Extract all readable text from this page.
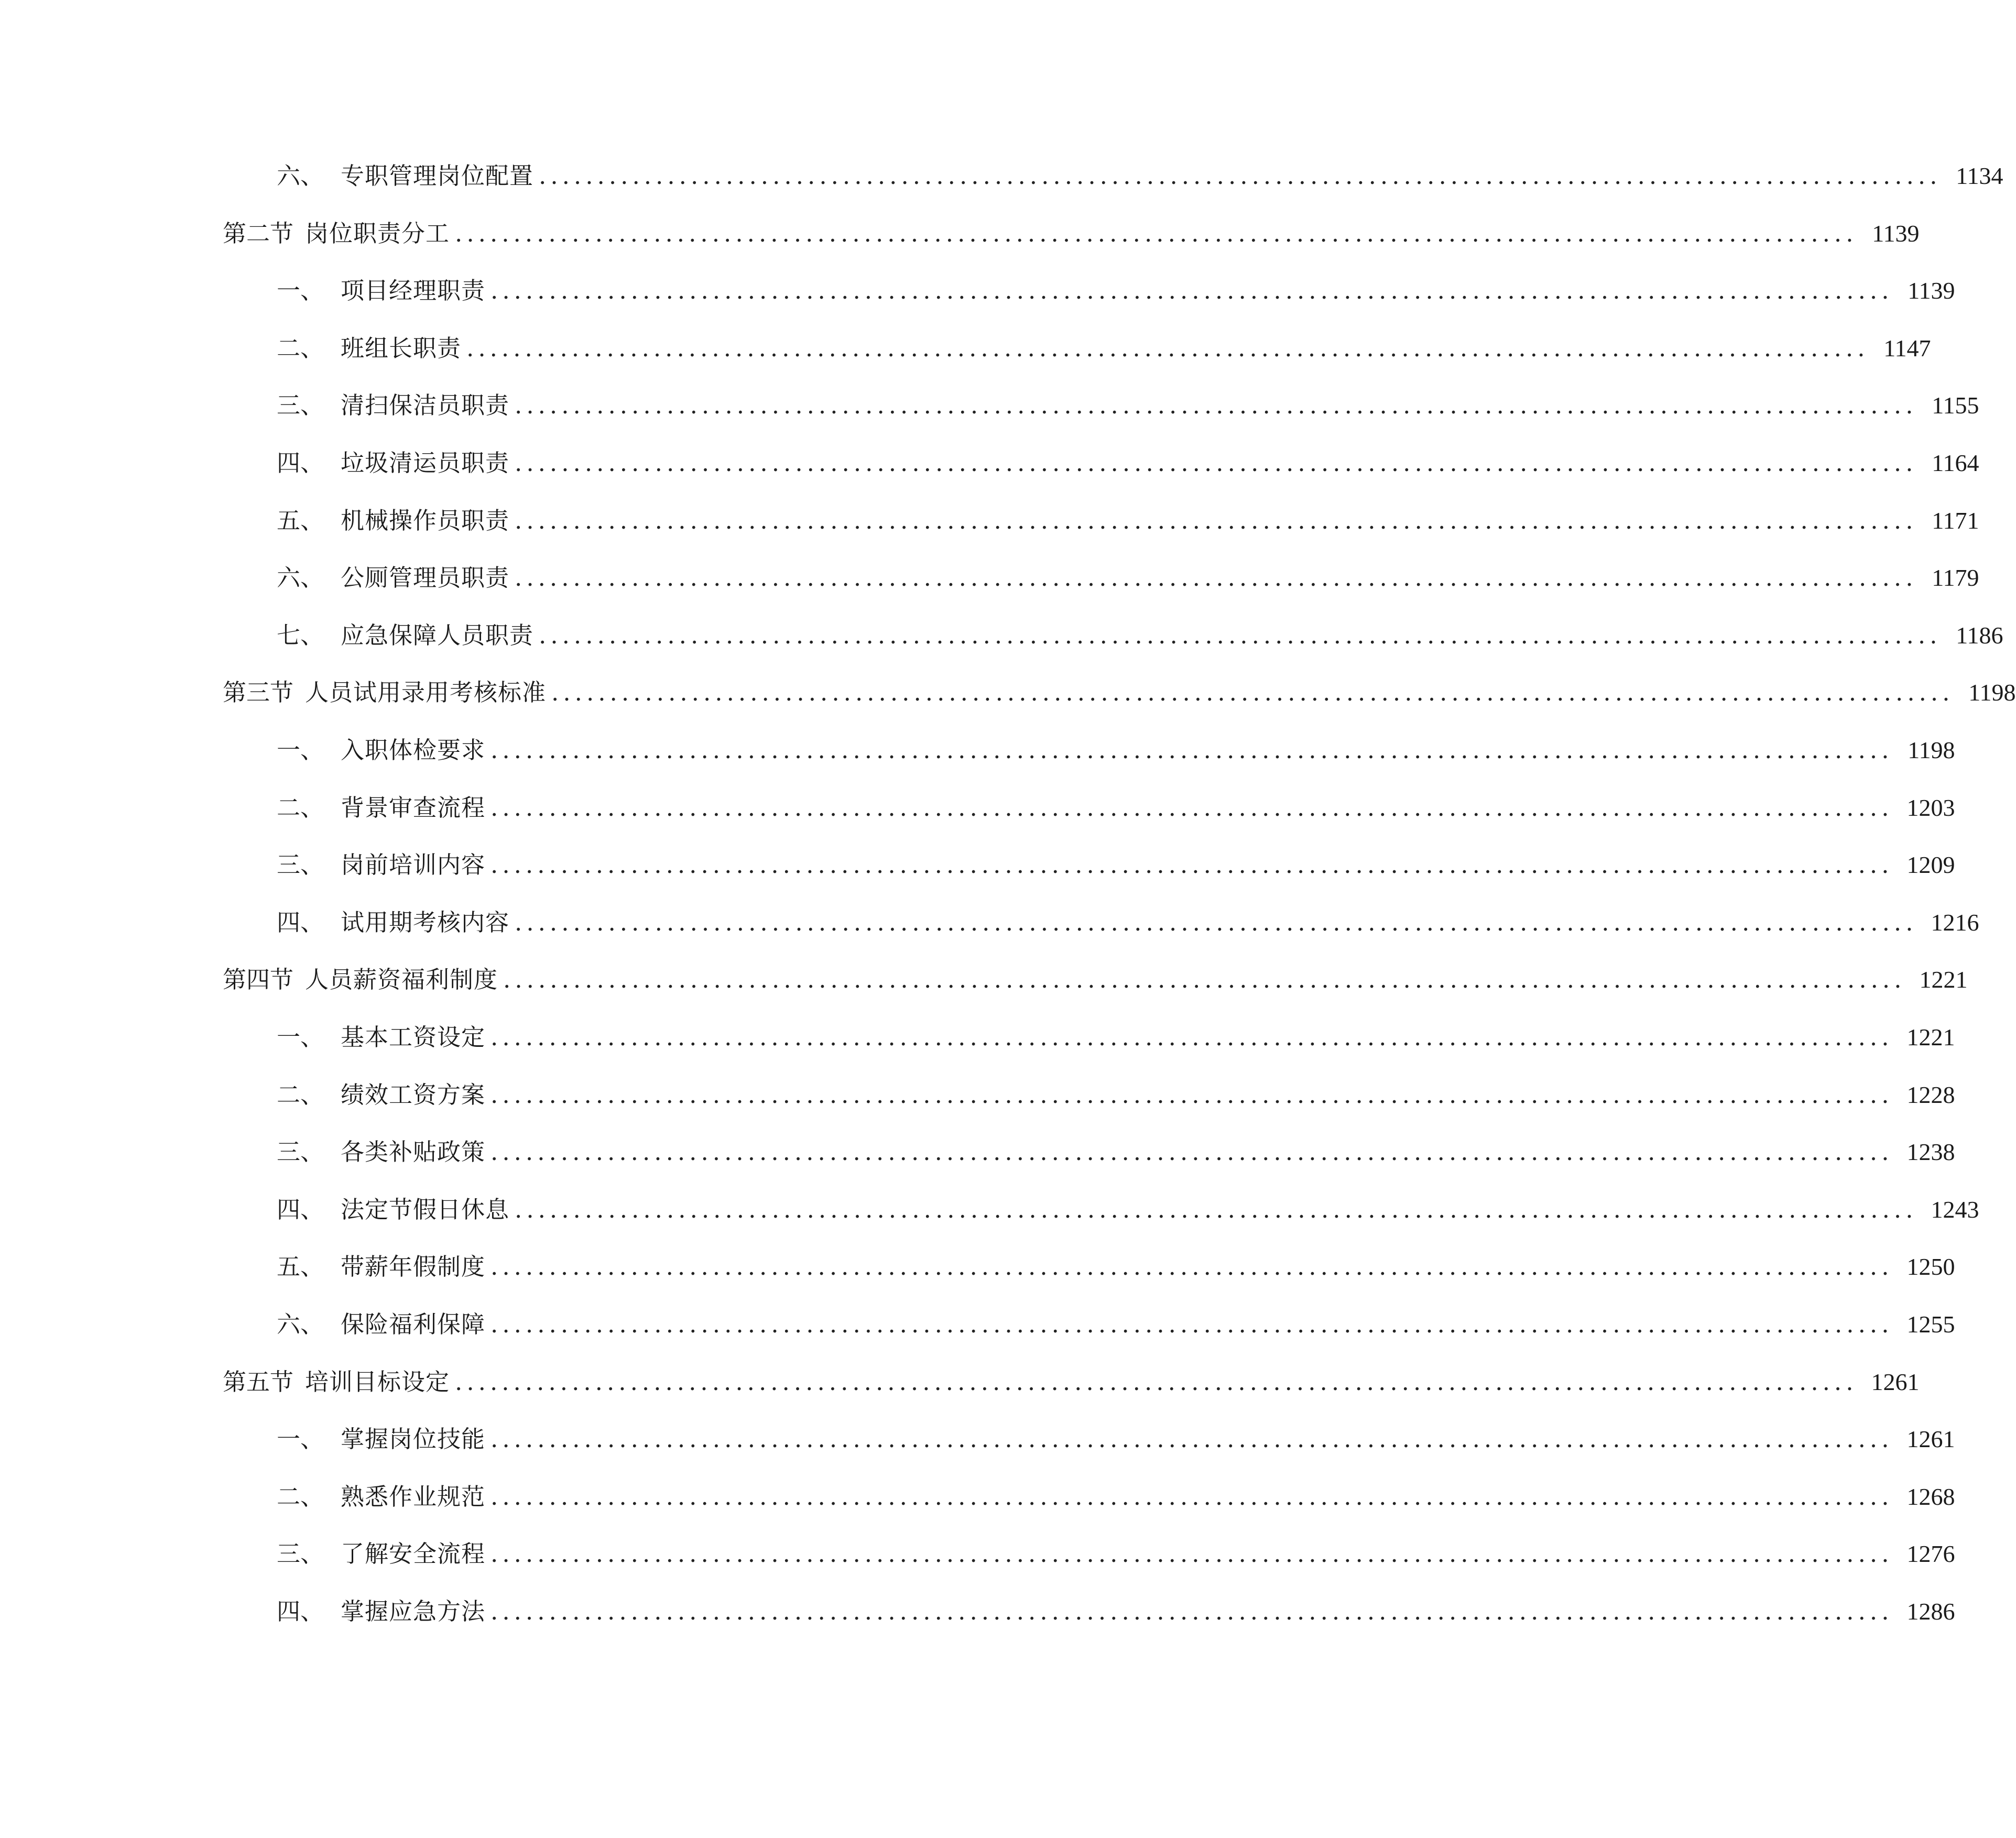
六、 专职管理岗位配置 ........................................................................................................................ 1134
第二节 岗位职责分工 ........................................................................................................................ 1139
一、 项目经理职责 ........................................................................................................................ 1139
二、 班组长职责 ........................................................................................................................ 1147
三、 清扫保洁员职责 ........................................................................................................................ 1155
四、 垃圾清运员职责 ........................................................................................................................ 1164
五、 机械操作员职责 ........................................................................................................................ 1171
六、 公厕管理员职责 ........................................................................................................................ 1179
七、 应急保障人员职责 ........................................................................................................................ 1186
第三节 人员试用录用考核标准 ........................................................................................................................ 1198
一、 入职体检要求 ........................................................................................................................ 1198
二、 背景审查流程 ........................................................................................................................ 1203
三、 岗前培训内容 ........................................................................................................................ 1209
四、 试用期考核内容 ........................................................................................................................ 1216
第四节 人员薪资福利制度 ........................................................................................................................ 1221
一、 基本工资设定 ........................................................................................................................ 1221
二、 绩效工资方案 ........................................................................................................................ 1228
三、 各类补贴政策 ........................................................................................................................ 1238
四、 法定节假日休息 ........................................................................................................................ 1243
五、 带薪年假制度 ........................................................................................................................ 1250
六、 保险福利保障 ........................................................................................................................ 1255
第五节 培训目标设定 ........................................................................................................................ 1261
一、 掌握岗位技能 ........................................................................................................................ 1261
二、 熟悉作业规范 ........................................................................................................................ 1268
三、 了解安全流程 ........................................................................................................................ 1276
四、 掌握应急方法 ........................................................................................................................ 1286
